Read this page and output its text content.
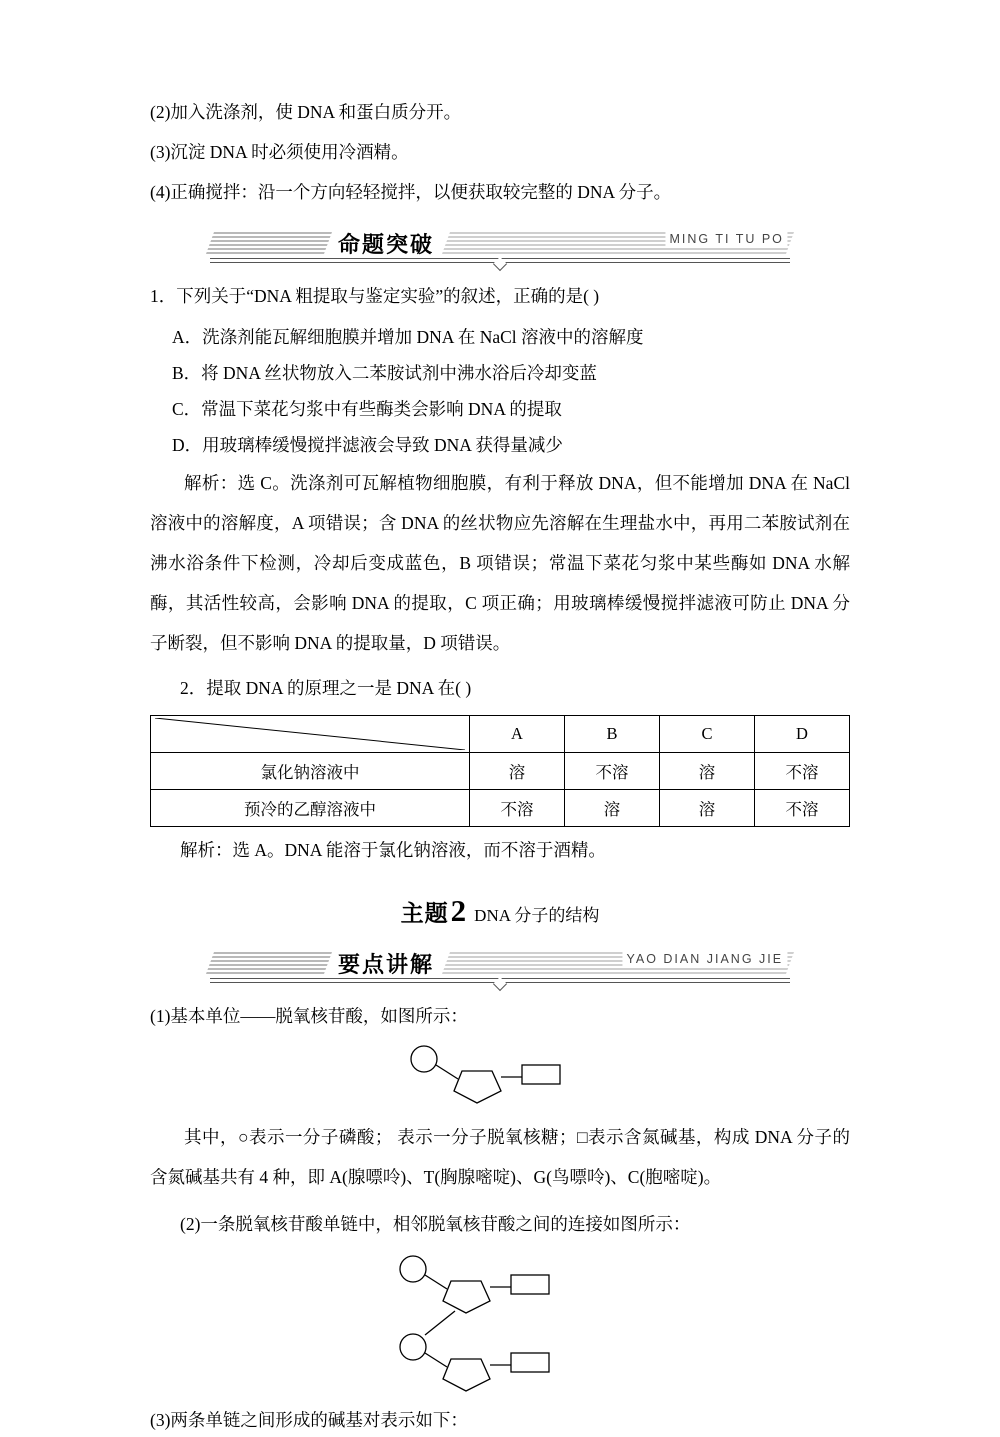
(2)加入洗涤剂，使 DNA 和蛋白质分开。

(3)沉淀 DNA 时必须使用冷酒精。

(4)正确搅拌：沿一个方向轻轻搅拌，以便获取较完整的 DNA 分子。

命题突破	MING TI TU PO

1．下列关于“DNA 粗提取与鉴定实验”的叙述，正确的是( )

A．洗涤剂能瓦解细胞膜并增加 DNA 在 NaCl 溶液中的溶解度

B．将 DNA 丝状物放入二苯胺试剂中沸水浴后冷却变蓝

C．常温下菜花匀浆中有些酶类会影响 DNA 的提取

D．用玻璃棒缓慢搅拌滤液会导致 DNA 获得量减少

解析：选 C。洗涤剂可瓦解植物细胞膜，有利于释放 DNA，但不能增加 DNA 在 NaCl 溶液中的溶解度，A 项错误；含 DNA 的丝状物应先溶解在生理盐水中，再用二苯胺试剂在沸水浴条件下检测，冷却后变成蓝色，B 项错误；常温下菜花匀浆中某些酶如 DNA 水解酶，其活性较高，会影响 DNA 的提取，C 项正确；用玻璃棒缓慢搅拌滤液可防止 DNA 分子断裂，但不影响 DNA 的提取量，D 项错误。

2．提取 DNA 的原理之一是 DNA 在( )

	A	B	C	D
氯化钠溶液中	溶	不溶	溶	不溶
预冷的乙醇溶液中	不溶	溶	溶	不溶

解析：选 A。DNA 能溶于氯化钠溶液，而不溶于酒精。

主题 2 DNA 分子的结构
要点讲解	YAO DIAN JIANG JIE

(1)基本单位——脱氧核苷酸，如图所示：

其中，○表示一分子磷酸； 表示一分子脱氧核糖；□表示含氮碱基，构成 DNA 分子的含氮碱基共有 4 种，即 A(腺嘌呤)、T(胸腺嘧啶)、G(鸟嘌呤)、C(胞嘧啶)。

(2)一条脱氧核苷酸单链中，相邻脱氧核苷酸之间的连接如图所示：

(3)两条单链之间形成的碱基对表示如下：
